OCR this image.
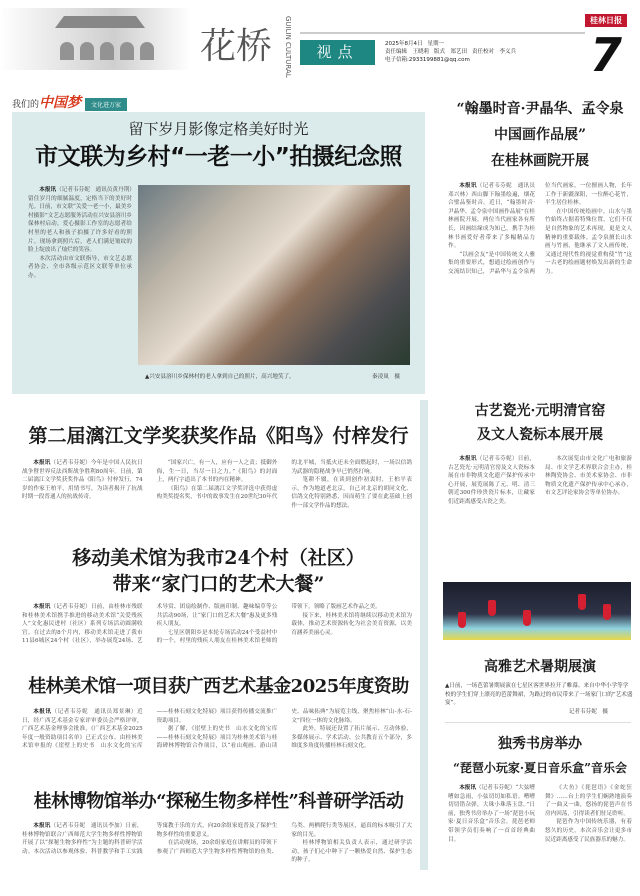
花桥	GUILIN CULTURAL	视点	2025年8月4日 星期一
责任编辑　王晓莉 版式　郑艺田 责任校对　李义兵
电子信箱:2933199881@qq.com
桂林日报
7
我们的中国梦 文化进万家
留下岁月影像定格美好时光
市文联为乡村“一老一小”拍摄纪念照

本报讯（记者韦芬妮　通讯员黄丹荆）留住岁月的细腻温度，定格当下的美好时光。日前，市文联“关爱一老一小，最美乡村摄影”文艺志愿服务活动在兴安县溶川乡保林村启动，爱心摄影工作室的志愿者给村里的老人和孩子拍摄了许多好看的照片。现场拿到照片后，老人们满是皱纹的脸上绽放出了灿烂的笑容。

本次活动由市文联指导，市文艺志愿者协会、全市各级示范区文联等单位承办。

▲兴安县溶川乡保林村的老人拿到自己的照片，高兴地笑了。	秦凌岚　摄
第二届漓江文学奖获奖作品《阳鸟》付梓发行

本报讯（记者韦芬妮）今年是中国人民抗日战争暨世界反法西斯战争胜利80周年。日前，第二届漓江文学奖获奖作品《阳鸟》付梓发行，74岁的作家王柏平，用情书写，为读者揭开了抗战时期一段普通人的抗战传奇。

“国家兴亡，有一人，应有一人之责；抵御外侮，生一日，当尽一日之力。”《阳鸟》的封面上，两行字道出了本书的内在精神。

《阳鸟》在第二届漓江文学奖评选中获得虚构类奖提名奖，书中的故事发生在20世纪30年代的北平城，当抵火还未全面燃起时，一场以信鸽为武器的隐秘战争早已悄然打响。

笔耕不辍，在谈到创作初衷时，王柏平表示，作为地道老北京，自己对北京的胡同文化、信鸽文化特别熟悉，因而萌生了要在此基础上创作一部文学作品的想法。

移动美术馆为我市24个村（社区）
带来“家门口的艺术大餐”

本报讯（记者韦芬妮）日前，由桂林市残联和桂林美术馆携手推进的移动美术馆“关爱残疾人”文化惠民进村（社区）系列专场活动圆满收官。在过去的8个月内，移动美术馆走进了我市11县6城区24个村（社区），举办展览24场、艺术导赏、团扇绘制作、版画印制、趣味编草等公共活动90场，让“家门口的艺术大餐”惠及更多残疾人朋友。

七星区朝阳乡是本轮专场活动24个受益村中的一个，村里的残疾人朋友在桂林美术馆老师的带领下，领略了版画艺术作品之美。

接下来，桂林美术馆将继续以移动美术馆为载体，推动艺术资源转化为社会美育资源，以美育涵养美丽心灵。

桂林美术馆一项目获广西艺术基金2025年度资助

本报讯（记者韦芬妮　通讯员郑景琳）近日，经广西艺术基金专家评审委员会严格评审，广西艺术基金理事会批准，《广西艺术基金2025年度一般资助项目名单》已正式公布。由桂林美术馆申报的《崖壁上的史书　山水文化的宝库——桂林石刻文化特展》项目获得传播交流推广资助项目。

据了解，《崖壁上的史书　山水文化的宝库——桂林石刻文化特展》项目为桂林美术馆与桂海碑林博物馆合作项目，以“看山观画、游山读史、品味拓典”为展览主线，聚焦桂林“山-水-石-文”四位一体的文化脉络。

此外，特展还设置了拓片展示、互动体验、多媒体展示、学术活动、公共教育五个部分，多维度多角度传播桂林石刻文化。

桂林博物馆举办“探秘生物多样性”科普研学活动

本报讯（记者韦芬妮　通讯员李加）日前，桂林博物馆联合广西师范大学生物多样性博物馆开展了以“探秘生物多样性”为主题的科普研学活动。本次活动以参观体验、科普教学和手工实践等寓教于乐的方式，向20余组家庭普及了保护生物多样性的重要意义。

在活动现场，20余组家庭在讲解员的带领下参观了广西师范大学生物多样性博物馆的鱼类、鸟类、两栖爬行类等展区，逼真的标本吸引了大家的目光。

桂林博物馆相关负责人表示，通过研学活动，孩子们心中种下了一颗热爱自然、保护生态的种子。

“翰墨时音·尹晶华、孟令泉
中国画作品展”
在桂林画院开展

本报讯（记者韦芬妮　通讯员邓兴林）西山脚下翰墨绘遍，烟花合璧品鉴时音。近日，“翰墨时音·尹晶华、孟令泉中国画作品展”在桂林画院开展。两位当代画家各有所长，因画结缘成为知己，携手为桂林书画爱好者带来了多幅精品力作。

“以画会友”是中国传统文人雅集的重要形式，想通过绘画创作与交流结识知己，尹晶华与孟令泉两位当代画家，一位擅画人物，长年工作于新疆深阳，一位醉心花竹，半生居住桂林。

在中国传统绘画中，山水与墨竹始终占据着特殊位置，它们不仅是自然物象的艺术再现，更是文人精神的重要载体。孟令泉擅长山水画与竹画，他继承了文人画传统，又通过现代性的视觉重构使“竹”这一古老的绘画题材焕发出新的生命力。

古艺瓷光·元明清官窑
及文人瓷标本展开展

本报讯（记者韦芬妮）日前，古艺瓷光·元明清官窑及文人瓷标本展在市非物质文化遗产保护传承中心开展，展览展陈了元、明、清三朝近300件珍贵瓷片标本，让藏家们近距离感受古瓷之美。

本次展览由市文化广电和旅游局、市文学艺术界联合会主办，桂林陶瓷协会、市美术家协会、市非物质文化遗产保护传承中心承办，市文艺评论家协会等单位协办。

高雅艺术暑期展演
▲日前，一场芭蕾暑期展演在七星区客世界拉开了帷幕。来自中华小学等学校的学生们穿上漂亮的芭蕾舞裙，为路过的市民带来了一场家门口的“艺术盛宴”。
记者韦芬妮　摄
独秀书房举办
“琵琶小玩家·夏日音乐盒”音乐会

本报讯（记者韦芬妮）“大弦嘈嘈如急雨，小弦切切如私语。嘈嘈切切错杂弹，大珠小珠落玉盘。”日前，独秀书房举办了一场“琵琶小玩家·夏日音乐盒”音乐会，琵琶老师带领学员们奏响了一首首经典曲目。

《大鱼》《琵琶语》《金蛇狂舞》……台上的学生们娴熟地演奏了一曲又一曲，悠扬的琵琶声在书房内回荡，引得读者们驻足聆听。

琵琶作为中国传统乐器，有着悠久的历史，本次音乐会让更多市民近距离感受了民族器乐的魅力。
